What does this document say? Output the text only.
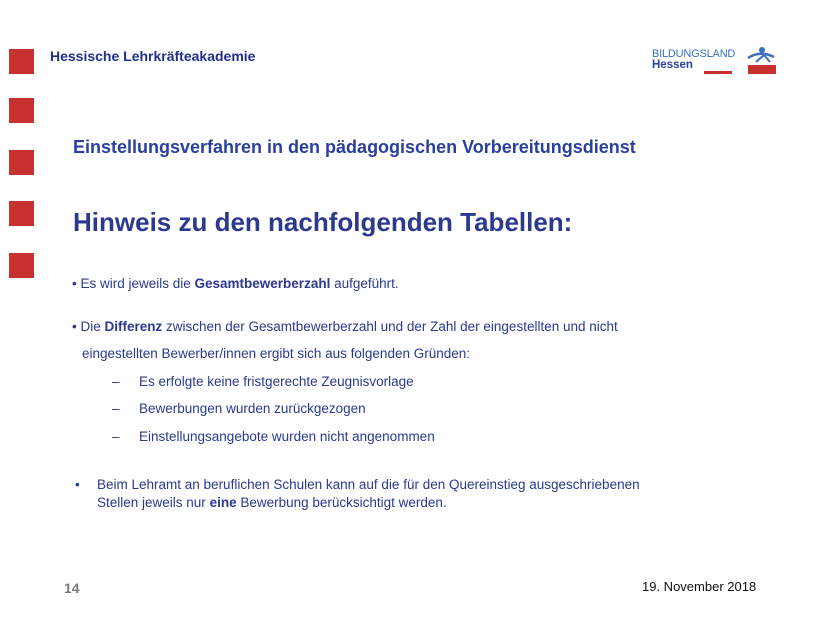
Hessische Lehrkräfteakademie	BILDUNGSLAND
Hessen
Einstellungsverfahren in den pädagogischen Vorbereitungsdienst
Hinweis zu den nachfolgenden Tabellen:
• Es wird jeweils die Gesamtbewerberzahl aufgeführt.
• Die Differenz zwischen der Gesamtbewerberzahl und der Zahl der eingestellten und nicht
eingestellten Bewerber/innen ergibt sich aus folgenden Gründen:
– Es erfolgte keine fristgerechte Zeugnisvorlage
– Bewerbungen wurden zurückgezogen
– Einstellungsangebote wurden nicht angenommen
• Beim Lehramt an beruflichen Schulen kann auf die für den Quereinstieg ausgeschriebenen
Stellen jeweils nur eine Bewerbung berücksichtigt werden.
14	19. November 2018
